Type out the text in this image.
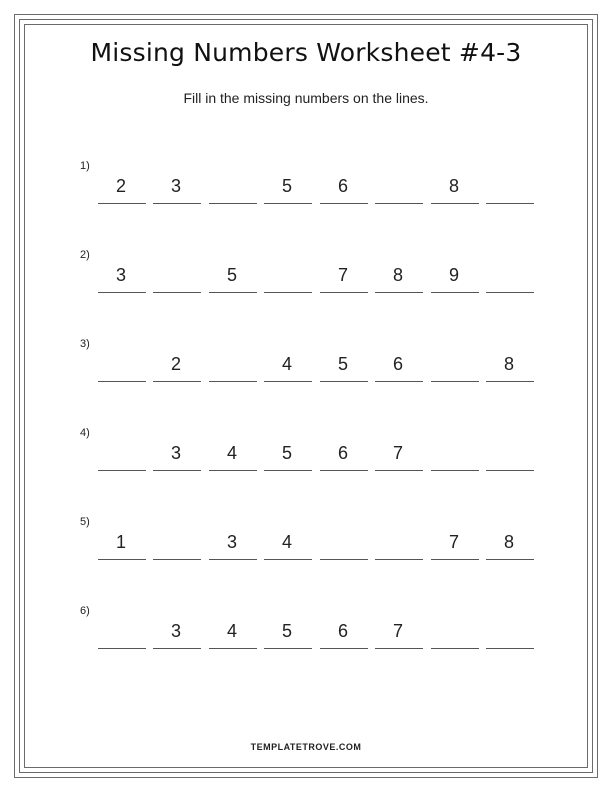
Missing Numbers Worksheet #4-3
Fill in the missing numbers on the lines.
1)
2	3	5	6	8
2)
3	5	7	8	9
3)
2	4	5	6	8
4)
3	4	5	6	7
5)
1	3	4	7	8
6)
3	4	5	6	7
TEMPLATETROVE.COM
